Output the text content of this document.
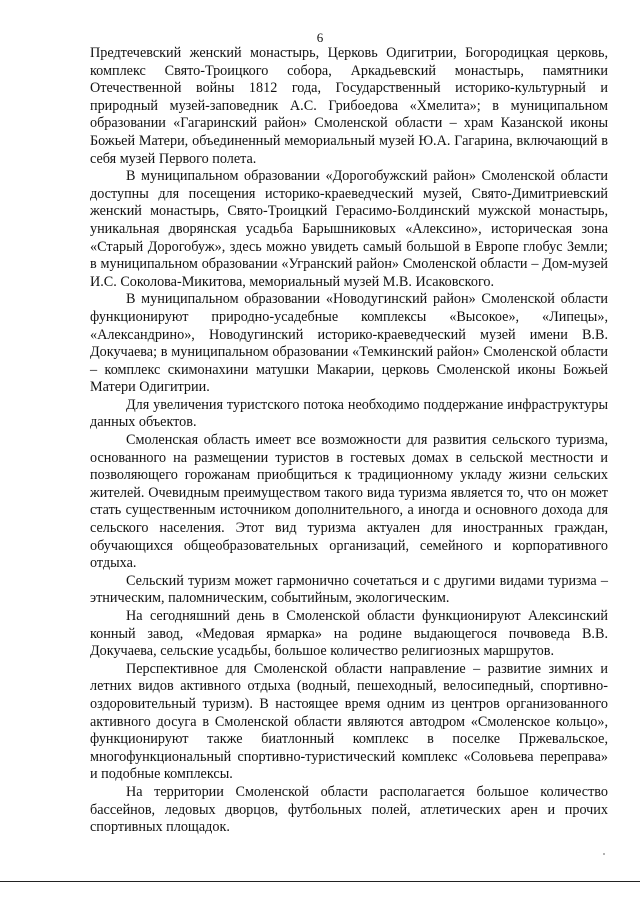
6

Предтечевский женский монастырь, Церковь Одигитрии, Богородицкая церковь, комплекс Свято-Троицкого собора, Аркадьевский монастырь, памятники Отечественной войны 1812 года, Государственный историко-культурный и природный музей-заповедник А.С. Грибоедова «Хмелита»; в муниципальном образовании «Гагаринский район» Смоленской области – храм Казанской иконы Божьей Матери, объединенный мемориальный музей Ю.А. Гагарина, включающий в себя музей Первого полета.

В муниципальном образовании «Дорогобужский район» Смоленской области доступны для посещения историко-краеведческий музей, Свято-Димитриевский женский монастырь, Свято-Троицкий Герасимо-Болдинский мужской монастырь, уникальная дворянская усадьба Барышниковых «Алексино», историческая зона «Старый Дорогобуж», здесь можно увидеть самый большой в Европе глобус Земли; в муниципальном образовании «Угранский район» Смоленской области – Дом-музей И.С. Соколова-Микитова, мемориальный музей М.В. Исаковского.

В муниципальном образовании «Новодугинский район» Смоленской области функционируют природно-усадебные комплексы «Высокое», «Липецы», «Александрино», Новодугинский историко-краеведческий музей имени В.В. Докучаева; в муниципальном образовании «Темкинский район» Смоленской области – комплекс скимонахини матушки Макарии, церковь Смоленской иконы Божьей Матери Одигитрии.

Для увеличения туристского потока необходимо поддержание инфраструктуры данных объектов.

Смоленская область имеет все возможности для развития сельского туризма, основанного на размещении туристов в гостевых домах в сельской местности и позволяющего горожанам приобщиться к традиционному укладу жизни сельских жителей. Очевидным преимуществом такого вида туризма является то, что он может стать существенным источником дополнительного, а иногда и основного дохода для сельского населения. Этот вид туризма актуален для иностранных граждан, обучающихся общеобразовательных организаций, семейного и корпоративного отдыха.

Сельский туризм может гармонично сочетаться и с другими видами туризма – этническим, паломническим, событийным, экологическим.

На сегодняшний день в Смоленской области функционируют Алексинский конный завод, «Медовая ярмарка» на родине выдающегося почвоведа В.В. Докучаева, сельские усадьбы, большое количество религиозных маршрутов.

Перспективное для Смоленской области направление – развитие зимних и летних видов активного отдыха (водный, пешеходный, велосипедный, спортивно-оздоровительный туризм). В настоящее время одним из центров организованного активного досуга в Смоленской области являются автодром «Смоленское кольцо», функционируют также биатлонный комплекс в поселке Пржевальское, многофункциональный спортивно-туристический комплекс «Соловьева переправа» и подобные комплексы.

На территории Смоленской области располагается большое количество бассейнов, ледовых дворцов, футбольных полей, атлетических арен и прочих спортивных площадок.
